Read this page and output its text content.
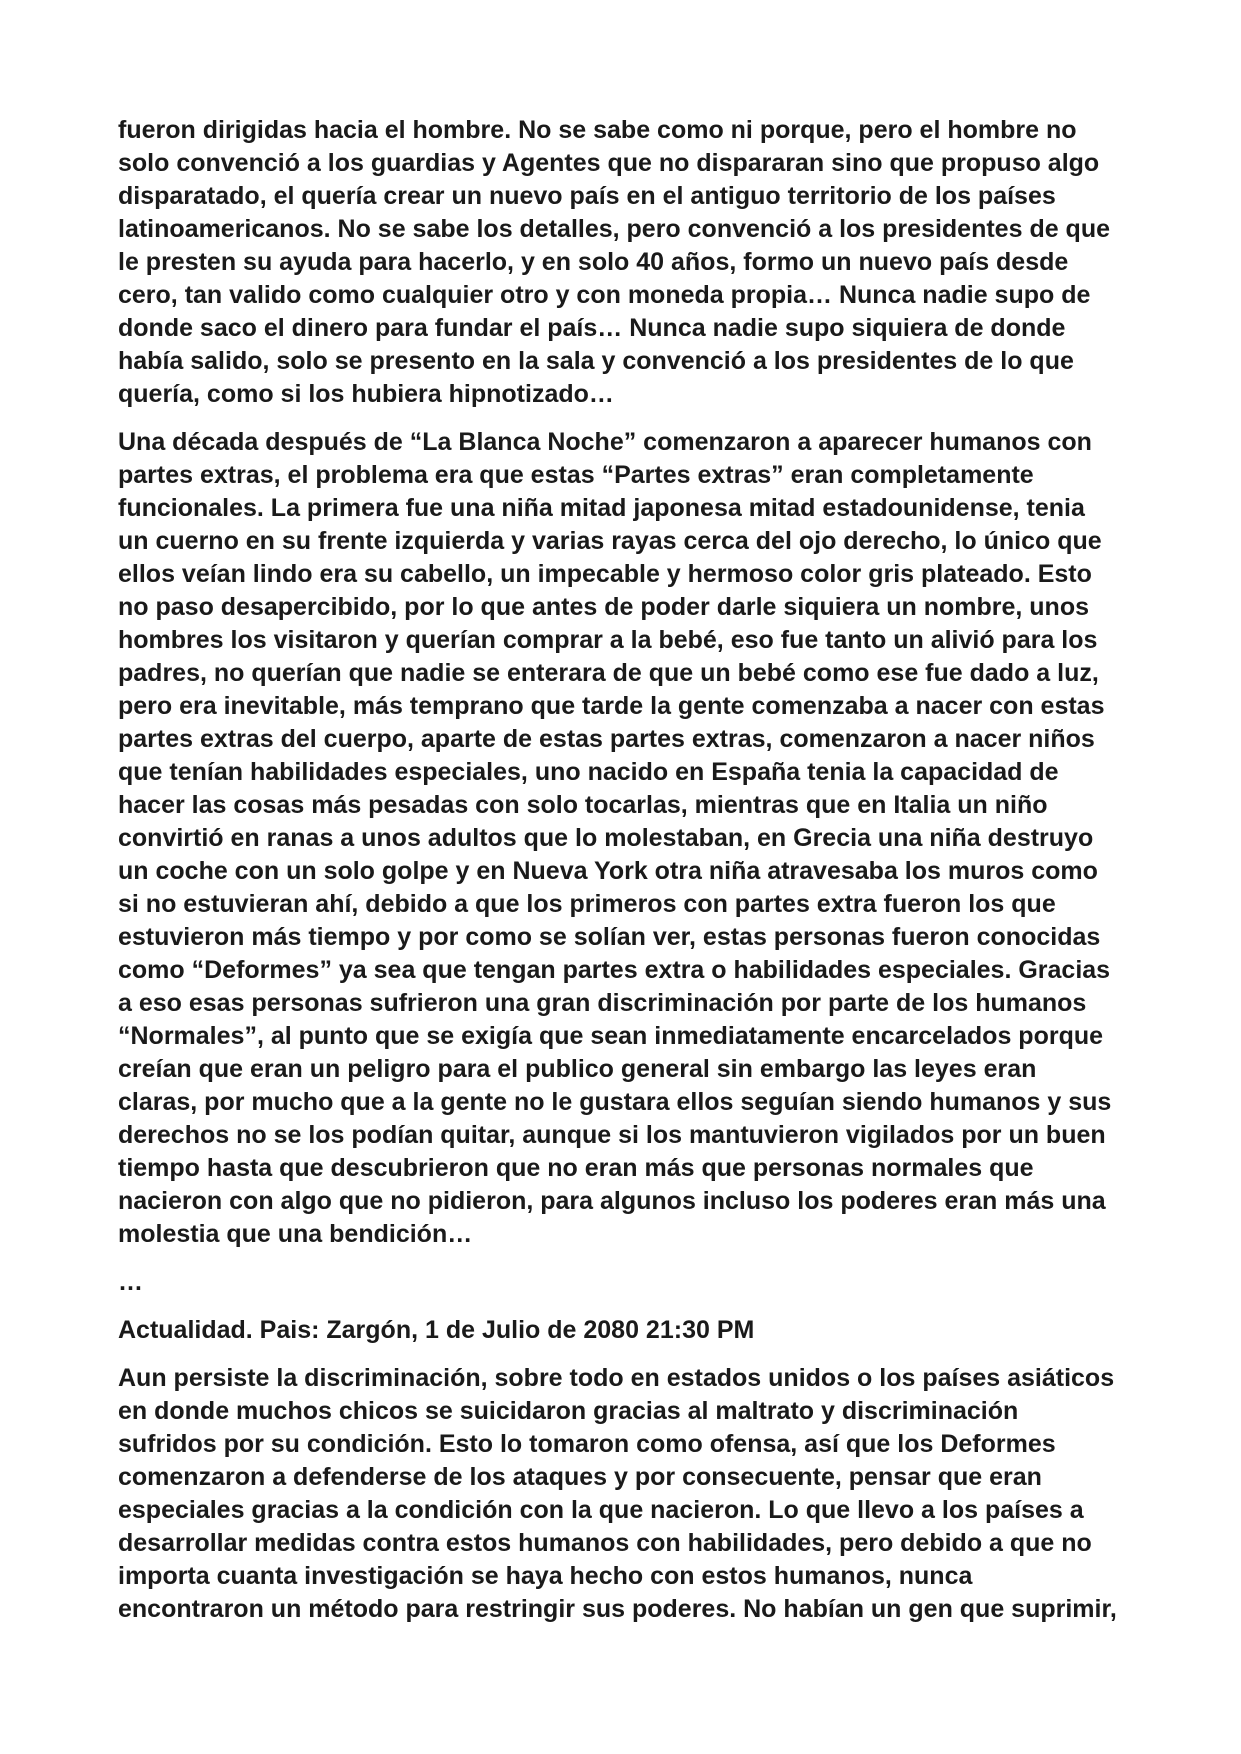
fueron dirigidas hacia el hombre. No se sabe como ni porque, pero el hombre no
solo convenció a los guardias y Agentes que no dispararan sino que propuso algo
disparatado, el quería crear un nuevo país en el antiguo territorio de los países
latinoamericanos. No se sabe los detalles, pero convenció a los presidentes de que
le presten su ayuda para hacerlo, y en solo 40 años, formo un nuevo país desde
cero, tan valido como cualquier otro y con moneda propia… Nunca nadie supo de
donde saco el dinero para fundar el país… Nunca nadie supo siquiera de donde
había salido, solo se presento en la sala y convenció a los presidentes de lo que
quería, como si los hubiera hipnotizado…
Una década después de “La Blanca Noche” comenzaron a aparecer humanos con
partes extras, el problema era que estas “Partes extras” eran completamente
funcionales. La primera fue una niña mitad japonesa mitad estadounidense, tenia
un cuerno en su frente izquierda y varias rayas cerca del ojo derecho, lo único que
ellos veían lindo era su cabello, un impecable y hermoso color gris plateado. Esto
no paso desapercibido, por lo que antes de poder darle siquiera un nombre, unos
hombres los visitaron y querían comprar a la bebé, eso fue tanto un alivió para los
padres, no querían que nadie se enterara de que un bebé como ese fue dado a luz,
pero era inevitable, más temprano que tarde la gente comenzaba a nacer con estas
partes extras del cuerpo, aparte de estas partes extras, comenzaron a nacer niños
que tenían habilidades especiales, uno nacido en España tenia la capacidad de
hacer las cosas más pesadas con solo tocarlas, mientras que en Italia un niño
convirtió en ranas a unos adultos que lo molestaban, en Grecia una niña destruyo
un coche con un solo golpe y en Nueva York otra niña atravesaba los muros como
si no estuvieran ahí, debido a que los primeros con partes extra fueron los que
estuvieron más tiempo y por como se solían ver, estas personas fueron conocidas
como “Deformes” ya sea que tengan partes extra o habilidades especiales. Gracias
a eso esas personas sufrieron una gran discriminación por parte de los humanos
“Normales”, al punto que se exigía que sean inmediatamente encarcelados porque
creían que eran un peligro para el publico general sin embargo las leyes eran
claras, por mucho que a la gente no le gustara ellos seguían siendo humanos y sus
derechos no se los podían quitar, aunque si los mantuvieron vigilados por un buen
tiempo hasta que descubrieron que no eran más que personas normales que
nacieron con algo que no pidieron, para algunos incluso los poderes eran más una
molestia que una bendición…
…
Actualidad. Pais: Zargón, 1 de Julio de 2080 21:30 PM
Aun persiste la discriminación, sobre todo en estados unidos o los países asiáticos
en donde muchos chicos se suicidaron gracias al maltrato y discriminación
sufridos por su condición. Esto lo tomaron como ofensa, así que los Deformes
comenzaron a defenderse de los ataques y por consecuente, pensar que eran
especiales gracias a la condición con la que nacieron. Lo que llevo a los países a
desarrollar medidas contra estos humanos con habilidades, pero debido a que no
importa cuanta investigación se haya hecho con estos humanos, nunca
encontraron un método para restringir sus poderes. No habían un gen que suprimir,
